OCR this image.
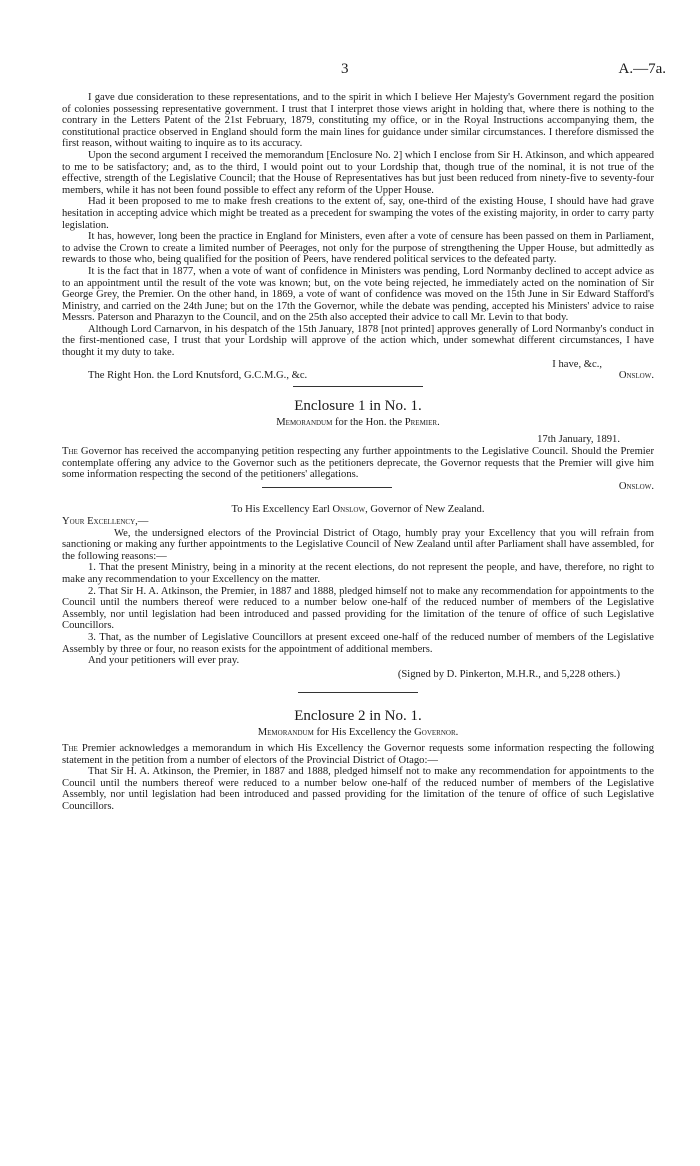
3	A.—7a.

I gave due consideration to these representations, and to the spirit in which I believe Her Majesty's Government regard the position of colonies possessing representative government. I trust that I interpret those views aright in holding that, where there is nothing to the contrary in the Letters Patent of the 21st February, 1879, constituting my office, or in the Royal Instructions accompanying them, the constitutional practice observed in England should form the main lines for guidance under similar circumstances. I therefore dismissed the first reason, without waiting to inquire as to its accuracy.

Upon the second argument I received the memorandum [Enclosure No. 2] which I enclose from Sir H. Atkinson, and which appeared to me to be satisfactory; and, as to the third, I would point out to your Lordship that, though true of the nominal, it is not true of the effective, strength of the Legislative Council; that the House of Representatives has but just been reduced from ninety-five to seventy-four members, while it has not been found possible to effect any reform of the Upper House.

Had it been proposed to me to make fresh creations to the extent of, say, one-third of the existing House, I should have had grave hesitation in accepting advice which might be treated as a precedent for swamping the votes of the existing majority, in order to carry party legislation.

It has, however, long been the practice in England for Ministers, even after a vote of censure has been passed on them in Parliament, to advise the Crown to create a limited number of Peerages, not only for the purpose of strengthening the Upper House, but admittedly as rewards to those who, being qualified for the position of Peers, have rendered political services to the defeated party.

It is the fact that in 1877, when a vote of want of confidence in Ministers was pending, Lord Normanby declined to accept advice as to an appointment until the result of the vote was known; but, on the vote being rejected, he immediately acted on the nomination of Sir George Grey, the Premier. On the other hand, in 1869, a vote of want of confidence was moved on the 15th June in Sir Edward Stafford's Ministry, and carried on the 24th June; but on the 17th the Governor, while the debate was pending, accepted his Ministers' advice to raise Messrs. Paterson and Pharazyn to the Council, and on the 25th also accepted their advice to call Mr. Levin to that body.

Although Lord Carnarvon, in his despatch of the 15th January, 1878 [not printed] approves generally of Lord Normanby's conduct in the first-mentioned case, I trust that your Lordship will approve of the action which, under somewhat different circumstances, I have thought it my duty to take.

I have, &c.,
The Right Hon. the Lord Knutsford, G.C.M.G., &c.	Onslow.
Enclosure 1 in No. 1.
Memorandum for the Hon. the Premier.
17th January, 1891.

The Governor has received the accompanying petition respecting any further appointments to the Legislative Council. Should the Premier contemplate offering any advice to the Governor such as the petitioners deprecate, the Governor requests that the Premier will give him some information respecting the second of the petitioners' allegations.

Onslow.
To His Excellency Earl Onslow, Governor of New Zealand.
Your Excellency,—

We, the undersigned electors of the Provincial District of Otago, humbly pray your Excellency that you will refrain from sanctioning or making any further appointments to the Legislative Council of New Zealand until after Parliament shall have assembled, for the following reasons:—

1. That the present Ministry, being in a minority at the recent elections, do not represent the people, and have, therefore, no right to make any recommendation to your Excellency on the matter.

2. That Sir H. A. Atkinson, the Premier, in 1887 and 1888, pledged himself not to make any recommendation for appointments to the Council until the numbers thereof were reduced to a number below one-half of the reduced number of members of the Legislative Assembly, nor until legislation had been introduced and passed providing for the limitation of the tenure of office of such Legislative Councillors.

3. That, as the number of Legislative Councillors at present exceed one-half of the reduced number of members of the Legislative Assembly by three or four, no reason exists for the appointment of additional members.

And your petitioners will ever pray.

(Signed by D. Pinkerton, M.H.R., and 5,228 others.)
Enclosure 2 in No. 1.
Memorandum for His Excellency the Governor.

The Premier acknowledges a memorandum in which His Excellency the Governor requests some information respecting the following statement in the petition from a number of electors of the Provincial District of Otago:—

That Sir H. A. Atkinson, the Premier, in 1887 and 1888, pledged himself not to make any recommendation for appointments to the Council until the numbers thereof were reduced to a number below one-half of the reduced number of members of the Legislative Assembly, nor until legislation had been introduced and passed providing for the limitation of the tenure of office of such Legislative Councillors.
